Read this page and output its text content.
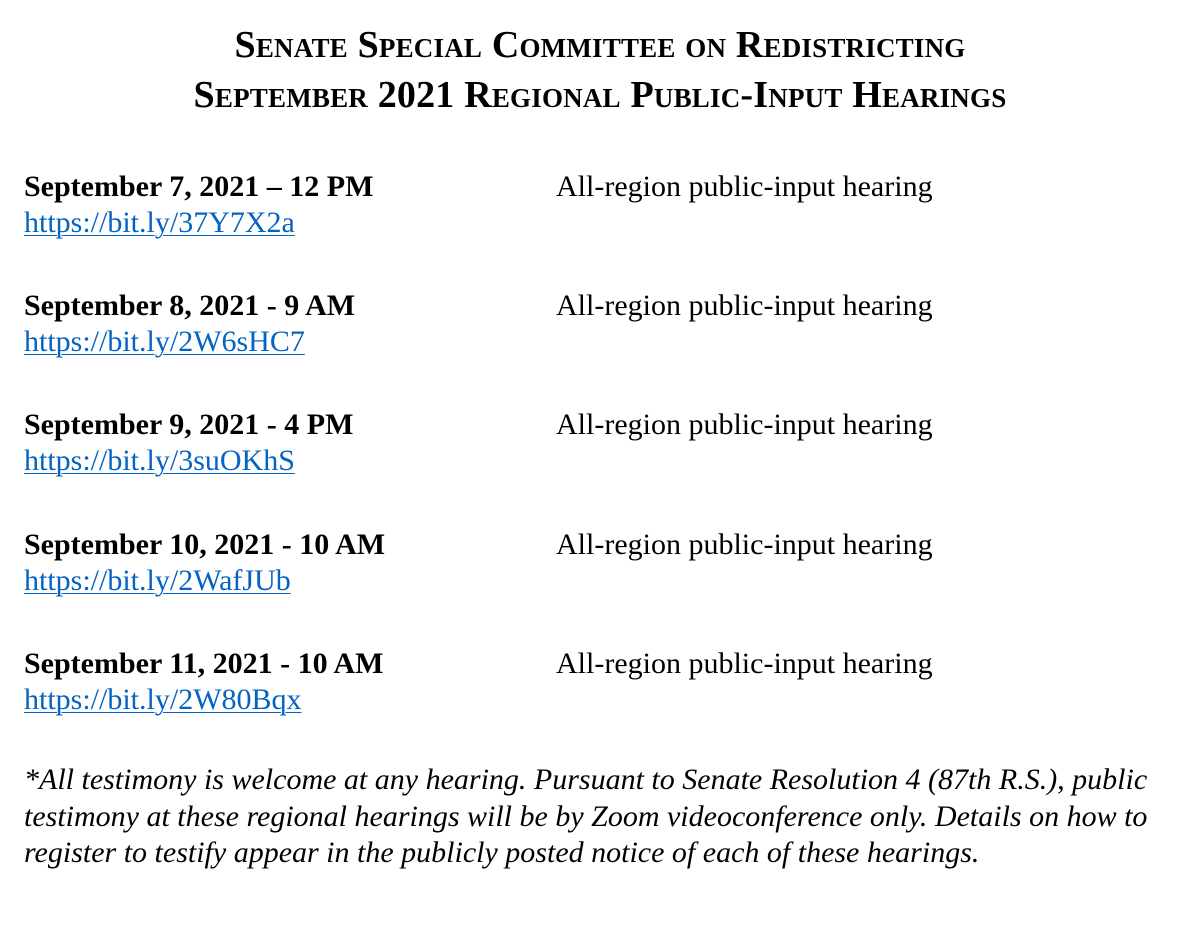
Senate Special Committee on Redistricting
September 2021 Regional Public-Input Hearings
September 7, 2021 – 12 PM	All-region public-input hearing
https://bit.ly/37Y7X2a
September 8, 2021 - 9 AM	All-region public-input hearing
https://bit.ly/2W6sHC7
September 9, 2021 - 4 PM	All-region public-input hearing
https://bit.ly/3suOKhS
September 10, 2021 - 10 AM	All-region public-input hearing
https://bit.ly/2WafJUb
September 11, 2021 - 10 AM	All-region public-input hearing
https://bit.ly/2W80Bqx

*All testimony is welcome at any hearing. Pursuant to Senate Resolution 4 (87th R.S.), public testimony at these regional hearings will be by Zoom videoconference only. Details on how to register to testify appear in the publicly posted notice of each of these hearings.
